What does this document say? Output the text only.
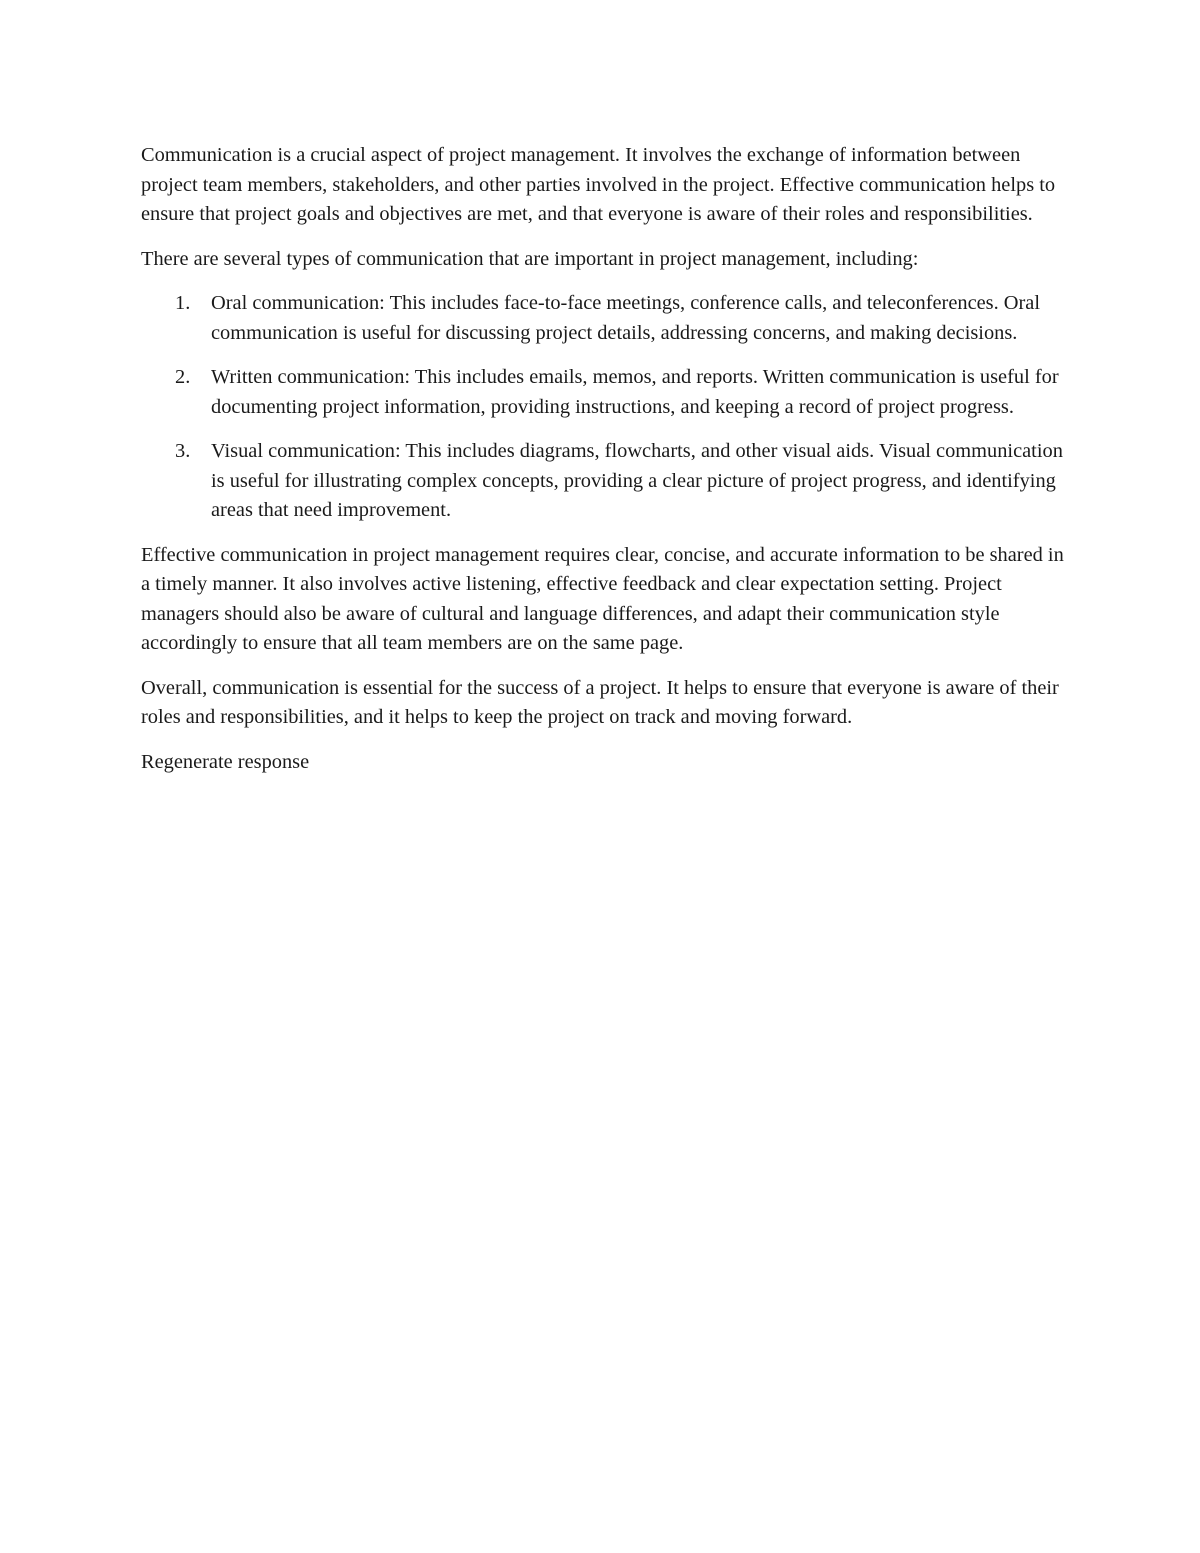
Communication is a crucial aspect of project management. It involves the exchange of information between project team members, stakeholders, and other parties involved in the project. Effective communication helps to ensure that project goals and objectives are met, and that everyone is aware of their roles and responsibilities.

There are several types of communication that are important in project management, including:

1. Oral communication: This includes face-to-face meetings, conference calls, and teleconferences. Oral communication is useful for discussing project details, addressing concerns, and making decisions.
2. Written communication: This includes emails, memos, and reports. Written communication is useful for documenting project information, providing instructions, and keeping a record of project progress.
3. Visual communication: This includes diagrams, flowcharts, and other visual aids. Visual communication is useful for illustrating complex concepts, providing a clear picture of project progress, and identifying areas that need improvement.

Effective communication in project management requires clear, concise, and accurate information to be shared in a timely manner. It also involves active listening, effective feedback and clear expectation setting. Project managers should also be aware of cultural and language differences, and adapt their communication style accordingly to ensure that all team members are on the same page.

Overall, communication is essential for the success of a project. It helps to ensure that everyone is aware of their roles and responsibilities, and it helps to keep the project on track and moving forward.

Regenerate response
